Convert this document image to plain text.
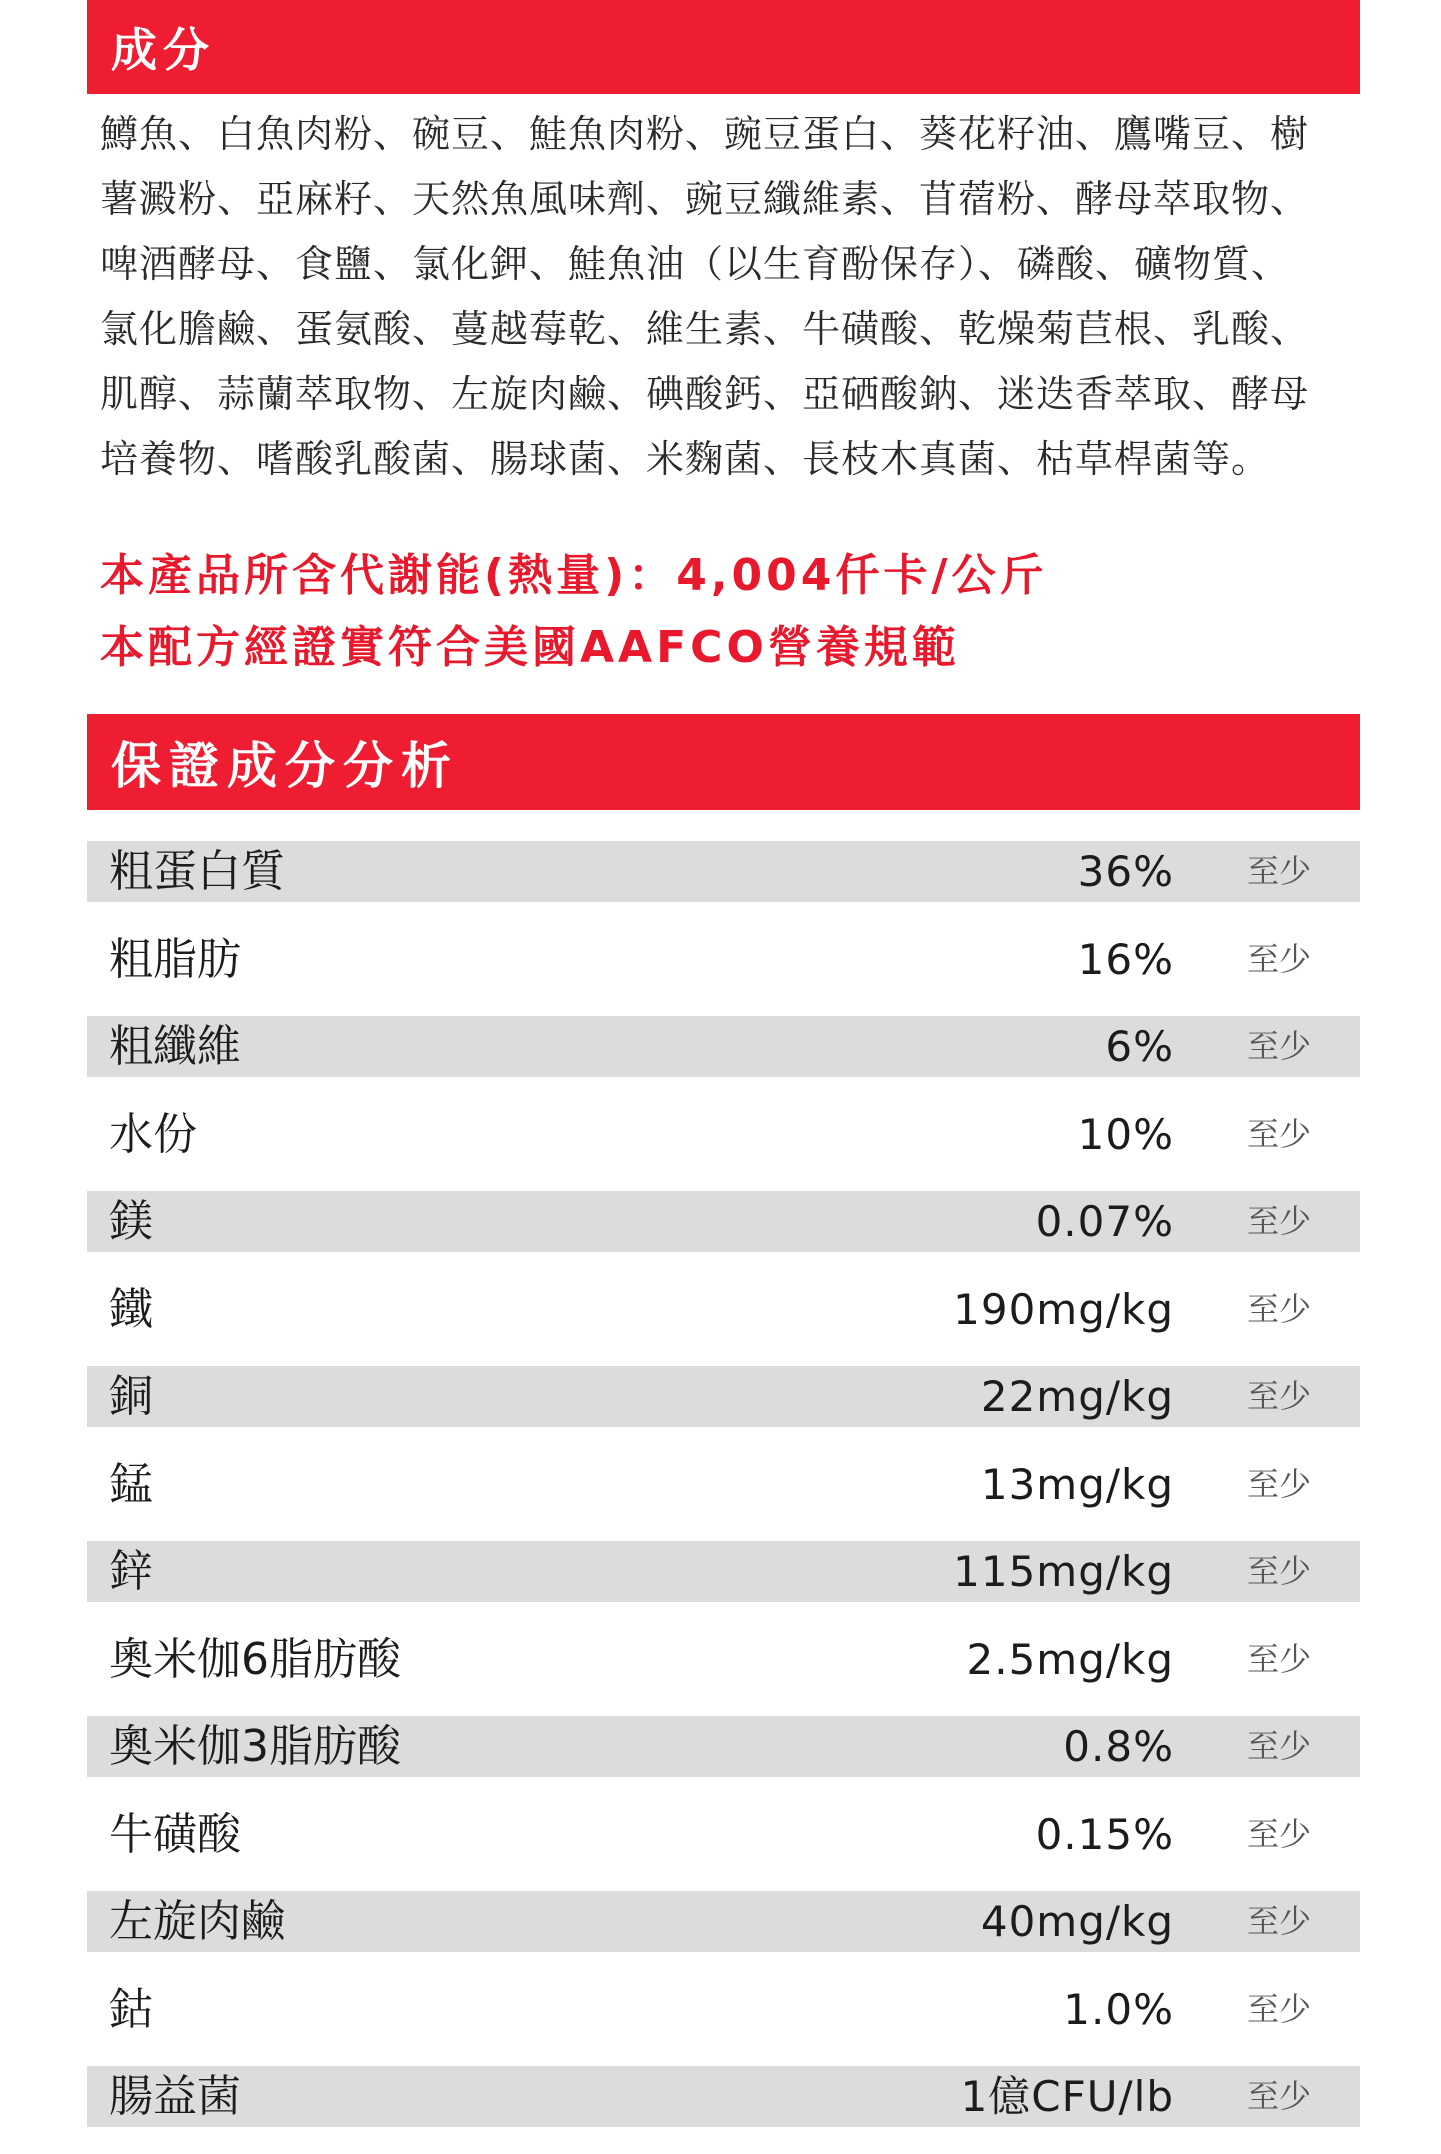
成分
鱒魚、白魚肉粉、碗豆、鮭魚肉粉、豌豆蛋白、葵花籽油、鷹嘴豆、樹
薯澱粉、亞麻籽、天然魚風味劑、豌豆纖維素、苜蓿粉、酵母萃取物、
啤酒酵母、食鹽、氯化鉀、鮭魚油（以生育酚保存）、磷酸、礦物質、
氯化膽鹼、蛋氨酸、蔓越莓乾、維生素、牛磺酸、乾燥菊苣根、乳酸、
肌醇、蒜蘭萃取物、左旋肉鹼、碘酸鈣、亞硒酸鈉、迷迭香萃取、酵母
培養物、嗜酸乳酸菌、腸球菌、米麴菌、長枝木真菌、枯草桿菌等。
本產品所含代謝能(熱量)：4,004仟卡/公斤
本配方經證實符合美國AAFCO營養規範
保證成分分析
粗蛋白質	36% 至少
粗脂肪	16% 至少
粗纖維	6% 至少
水份	10% 至少
鎂	0.07% 至少
鐵	190mg/kg 至少
銅	22mg/kg 至少
錳	13mg/kg 至少
鋅	115mg/kg 至少
奧米伽6脂肪酸	2.5mg/kg 至少
奧米伽3脂肪酸	0.8% 至少
牛磺酸	0.15% 至少
左旋肉鹼	40mg/kg 至少
鈷	1.0% 至少
腸益菌	1億CFU/lb 至少
